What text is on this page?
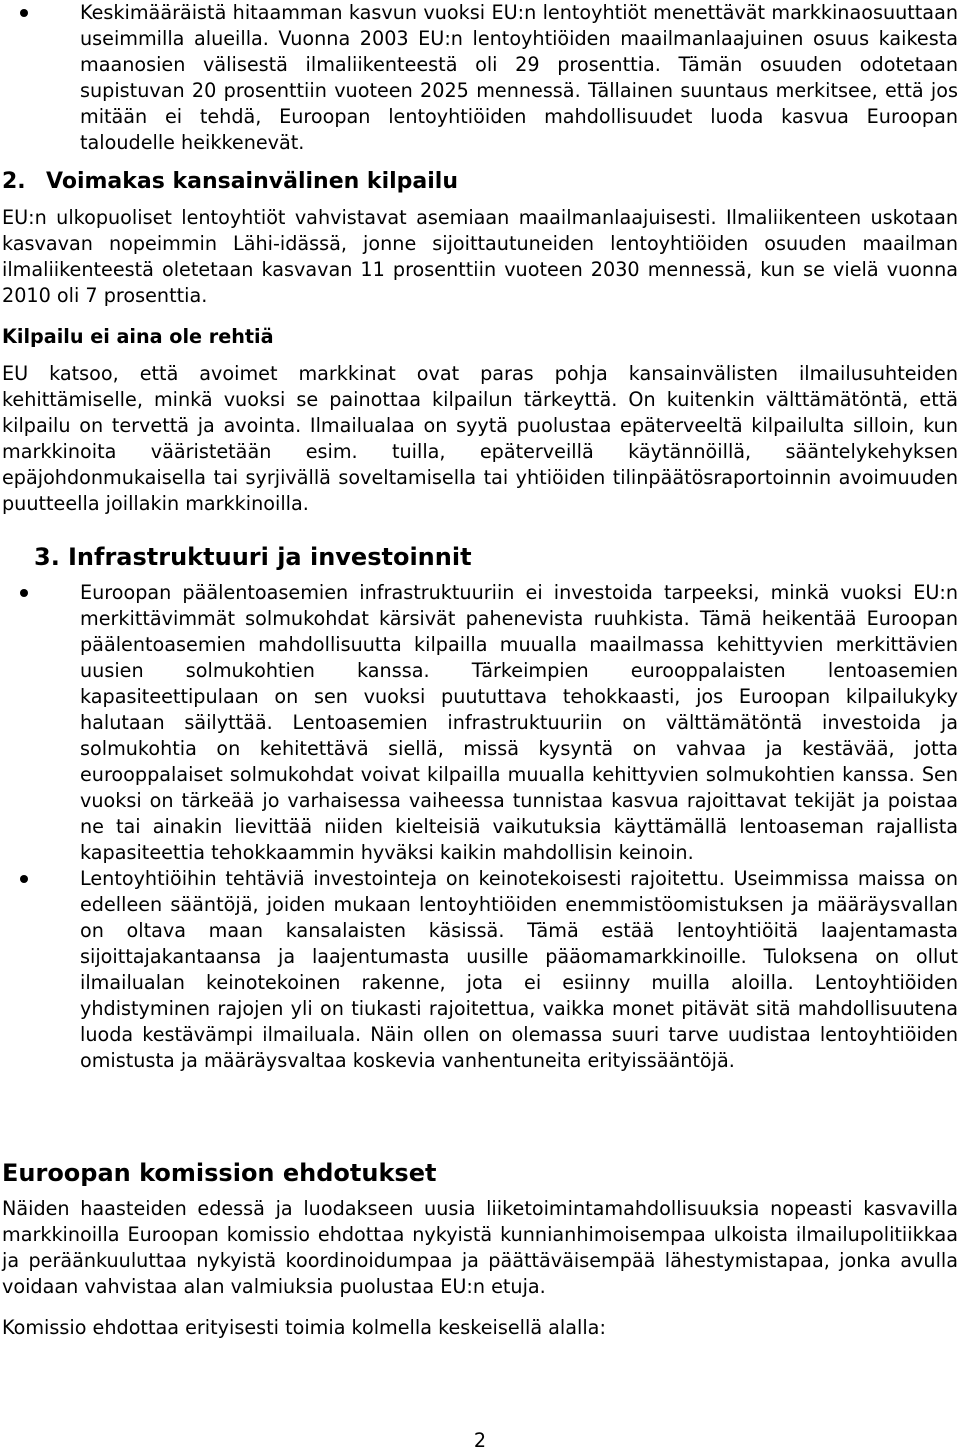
Keskimääräistä hitaamman kasvun vuoksi EU:n lentoyhtiöt menettävät markkinaosuuttaan useimmilla alueilla. Vuonna 2003 EU:n lentoyhtiöiden maailmanlaajuinen osuus kaikesta maanosien välisestä ilmaliikenteestä oli 29 prosenttia. Tämän osuuden odotetaan supistuvan 20 prosenttiin vuoteen 2025 mennessä. Tällainen suuntaus merkitsee, että jos mitään ei tehdä, Euroopan lentoyhtiöiden mahdollisuudet luoda kasvua Euroopan taloudelle heikkenevät.

2. Voimakas kansainvälinen kilpailu

EU:n ulkopuoliset lentoyhtiöt vahvistavat asemiaan maailmanlaajuisesti. Ilmaliikenteen uskotaan kasvavan nopeimmin Lähi-idässä, jonne sijoittautuneiden lentoyhtiöiden osuuden maailman ilmaliikenteestä oletetaan kasvavan 11 prosenttiin vuoteen 2030 mennessä, kun se vielä vuonna 2010 oli 7 prosenttia.

Kilpailu ei aina ole rehtiä

EU katsoo, että avoimet markkinat ovat paras pohja kansainvälisten ilmailusuhteiden kehittämiselle, minkä vuoksi se painottaa kilpailun tärkeyttä. On kuitenkin välttämätöntä, että kilpailu on tervettä ja avointa. Ilmailualaa on syytä puolustaa epäterveeltä kilpailulta silloin, kun markkinoita vääristetään esim. tuilla, epäterveillä käytännöillä, sääntelykehyksen epäjohdonmukaisella tai syrjivällä soveltamisella tai yhtiöiden tilinpäätösraportoinnin avoimuuden puutteella joillakin markkinoilla.

3. Infrastruktuuri ja investoinnit

Euroopan päälentoasemien infrastruktuuriin ei investoida tarpeeksi, minkä vuoksi EU:n merkittävimmät solmukohdat kärsivät pahenevista ruuhkista. Tämä heikentää Euroopan päälentoasemien mahdollisuutta kilpailla muualla maailmassa kehittyvien merkittävien uusien solmukohtien kanssa. Tärkeimpien eurooppalaisten lentoasemien kapasiteettipulaan on sen vuoksi puututtava tehokkaasti, jos Euroopan kilpailukyky halutaan säilyttää. Lentoasemien infrastruktuuriin on välttämätöntä investoida ja solmukohtia on kehitettävä siellä, missä kysyntä on vahvaa ja kestävää, jotta eurooppalaiset solmukohdat voivat kilpailla muualla kehittyvien solmukohtien kanssa. Sen vuoksi on tärkeää jo varhaisessa vaiheessa tunnistaa kasvua rajoittavat tekijät ja poistaa ne tai ainakin lievittää niiden kielteisiä vaikutuksia käyttämällä lentoaseman rajallista kapasiteettia tehokkaammin hyväksi kaikin mahdollisin keinoin.

Lentoyhtiöihin tehtäviä investointeja on keinotekoisesti rajoitettu. Useimmissa maissa on edelleen sääntöjä, joiden mukaan lentoyhtiöiden enemmistöomistuksen ja määräysvallan on oltava maan kansalaisten käsissä. Tämä estää lentoyhtiöitä laajentamasta sijoittajakantaansa ja laajentumasta uusille pääomamarkkinoille. Tuloksena on ollut ilmailualan keinotekoinen rakenne, jota ei esiinny muilla aloilla. Lentoyhtiöiden yhdistyminen rajojen yli on tiukasti rajoitettua, vaikka monet pitävät sitä mahdollisuutena luoda kestävämpi ilmailuala. Näin ollen on olemassa suuri tarve uudistaa lentoyhtiöiden omistusta ja määräysvaltaa koskevia vanhentuneita erityissääntöjä.

Euroopan komission ehdotukset

Näiden haasteiden edessä ja luodakseen uusia liiketoimintamahdollisuuksia nopeasti kasvavilla markkinoilla Euroopan komissio ehdottaa nykyistä kunnianhimoisempaa ulkoista ilmailupolitiikkaa ja peräänkuuluttaa nykyistä koordinoidumpaa ja päättäväisempää lähestymistapaa, jonka avulla voidaan vahvistaa alan valmiuksia puolustaa EU:n etuja.

Komissio ehdottaa erityisesti toimia kolmella keskeisellä alalla:

2
